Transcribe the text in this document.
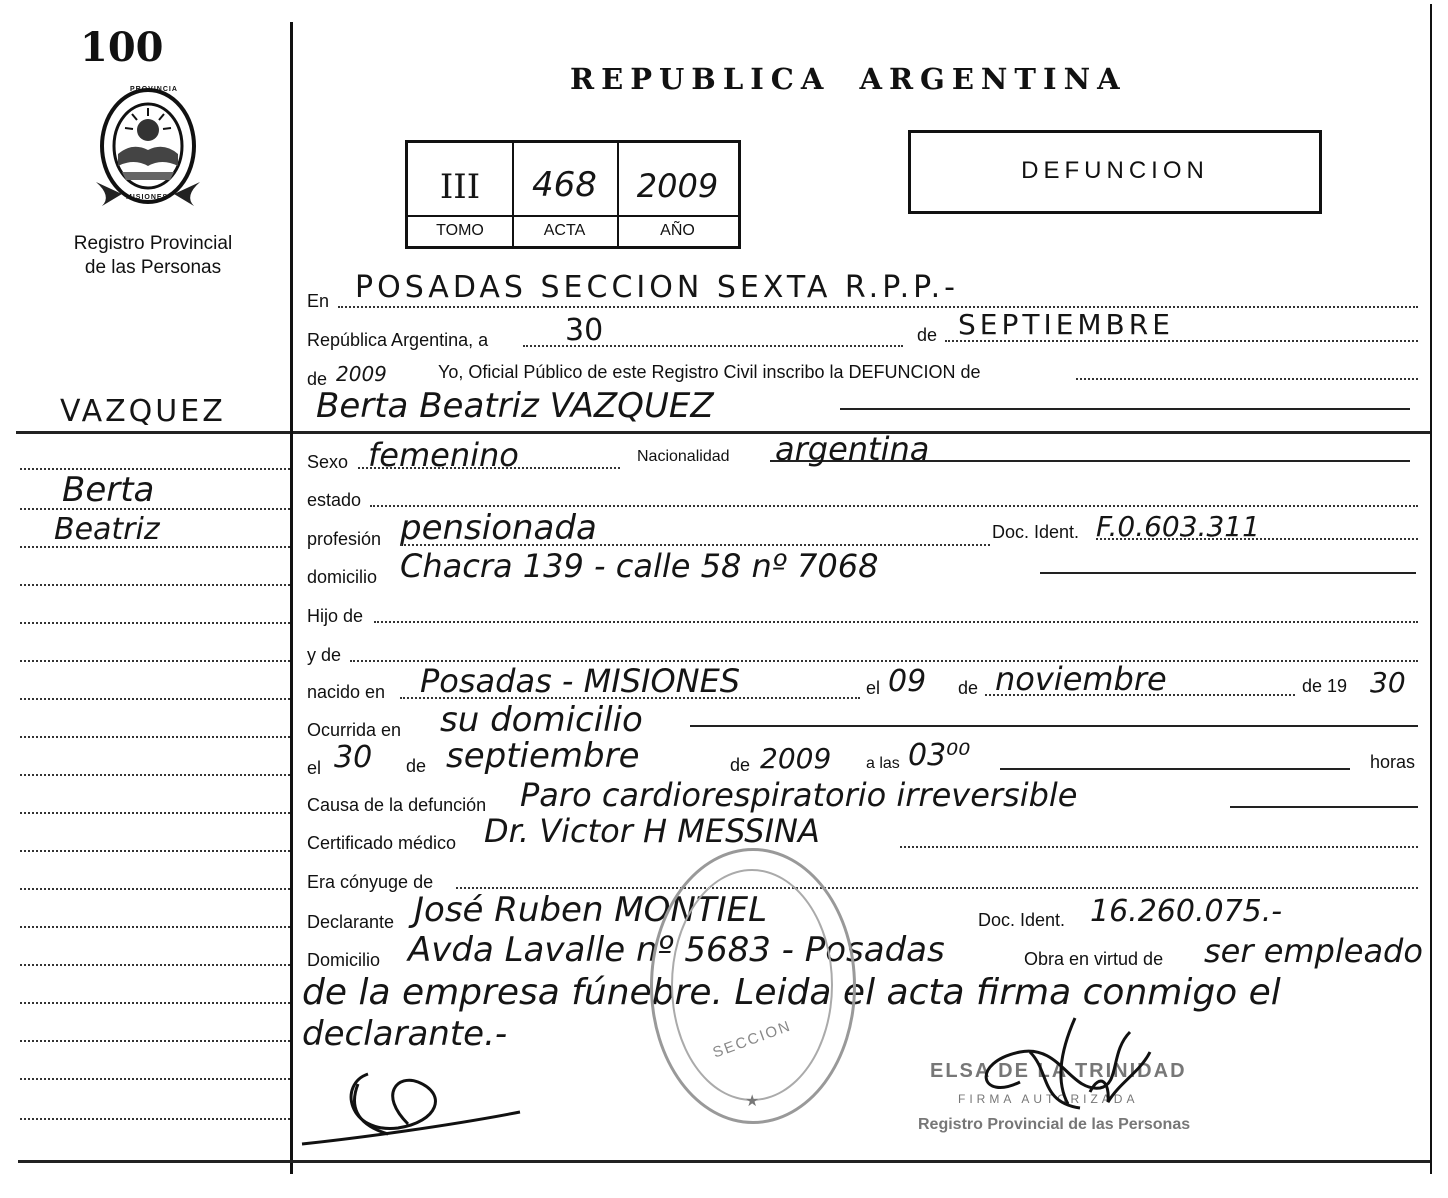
100
PROVINCIA
MISIONES
Registro Provincial
de las Personas
VAZQUEZ
Berta
Beatriz
REPUBLICA ARGENTINA
III	468	2009
TOMO	ACTA	AÑO
DEFUNCION
En POSADAS SECCION SEXTA R.P.P.-
República Argentina, a	30	de SEPTIEMBRE
de 2009	Yo, Oficial Público de este Registro Civil inscribo la DEFUNCION de
Berta Beatriz VAZQUEZ
Sexo femenino	Nacionalidad argentina
estado
profesión pensionada	Doc. Ident. F.0.603.311
domicilio Chacra 139 - calle 58 nº 7068
Hijo de
y de
nacido en Posadas - MISIONES	el 09 de noviembre	de 19 30
Ocurrida en su domicilio
el 30 de septiembre	de 2009 a las 03⁰⁰	horas
Causa de la defunción Paro cardiorespiratorio irreversible
Certificado médico Dr. Victor H MESSINA
Era cónyuge de
Declarante José Ruben MONTIEL	Doc. Ident. 16.260.075.-
Domicilio Avda Lavalle nº 5683 - Posadas	Obra en virtud de ser empleado
de la empresa fúnebre. Leida el acta firma conmigo el
declarante.-	SECCION
★
ELSA DE LA TRINIDAD
FIRMA AUTORIZADA
Registro Provincial de las Personas
